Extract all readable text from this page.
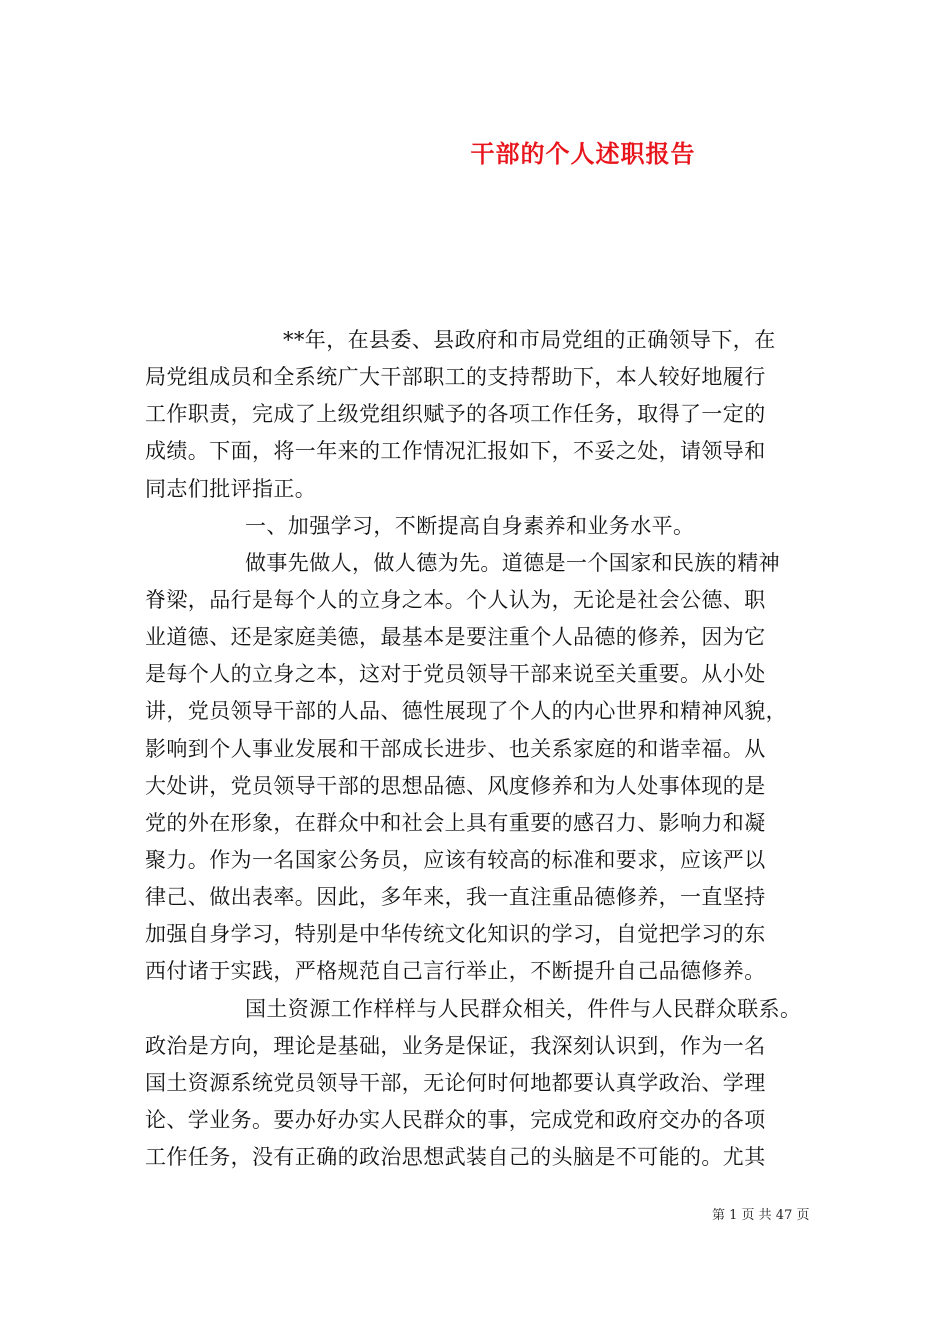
干部的个人述职报告
**年，在县委、县政府和市局党组的正确领导下，在
局党组成员和全系统广大干部职工的支持帮助下，本人较好地履行
工作职责，完成了上级党组织赋予的各项工作任务，取得了一定的
成绩。下面，将一年来的工作情况汇报如下，不妥之处，请领导和
同志们批评指正。
一、加强学习，不断提高自身素养和业务水平。
做事先做人，做人德为先。道德是一个国家和民族的精神
脊梁，品行是每个人的立身之本。个人认为，无论是社会公德、职
业道德、还是家庭美德，最基本是要注重个人品德的修养，因为它
是每个人的立身之本，这对于党员领导干部来说至关重要。从小处
讲，党员领导干部的人品、德性展现了个人的内心世界和精神风貌，
影响到个人事业发展和干部成长进步、也关系家庭的和谐幸福。从
大处讲，党员领导干部的思想品德、风度修养和为人处事体现的是
党的外在形象，在群众中和社会上具有重要的感召力、影响力和凝
聚力。作为一名国家公务员，应该有较高的标准和要求，应该严以
律己、做出表率。因此，多年来，我一直注重品德修养，一直坚持
加强自身学习，特别是中华传统文化知识的学习，自觉把学习的东
西付诸于实践，严格规范自己言行举止，不断提升自己品德修养。
国土资源工作样样与人民群众相关，件件与人民群众联系。
政治是方向，理论是基础，业务是保证，我深刻认识到，作为一名
国土资源系统党员领导干部，无论何时何地都要认真学政治、学理
论、学业务。要办好办实人民群众的事，完成党和政府交办的各项
工作任务，没有正确的政治思想武装自己的头脑是不可能的。尤其
第 1 页 共 47 页
